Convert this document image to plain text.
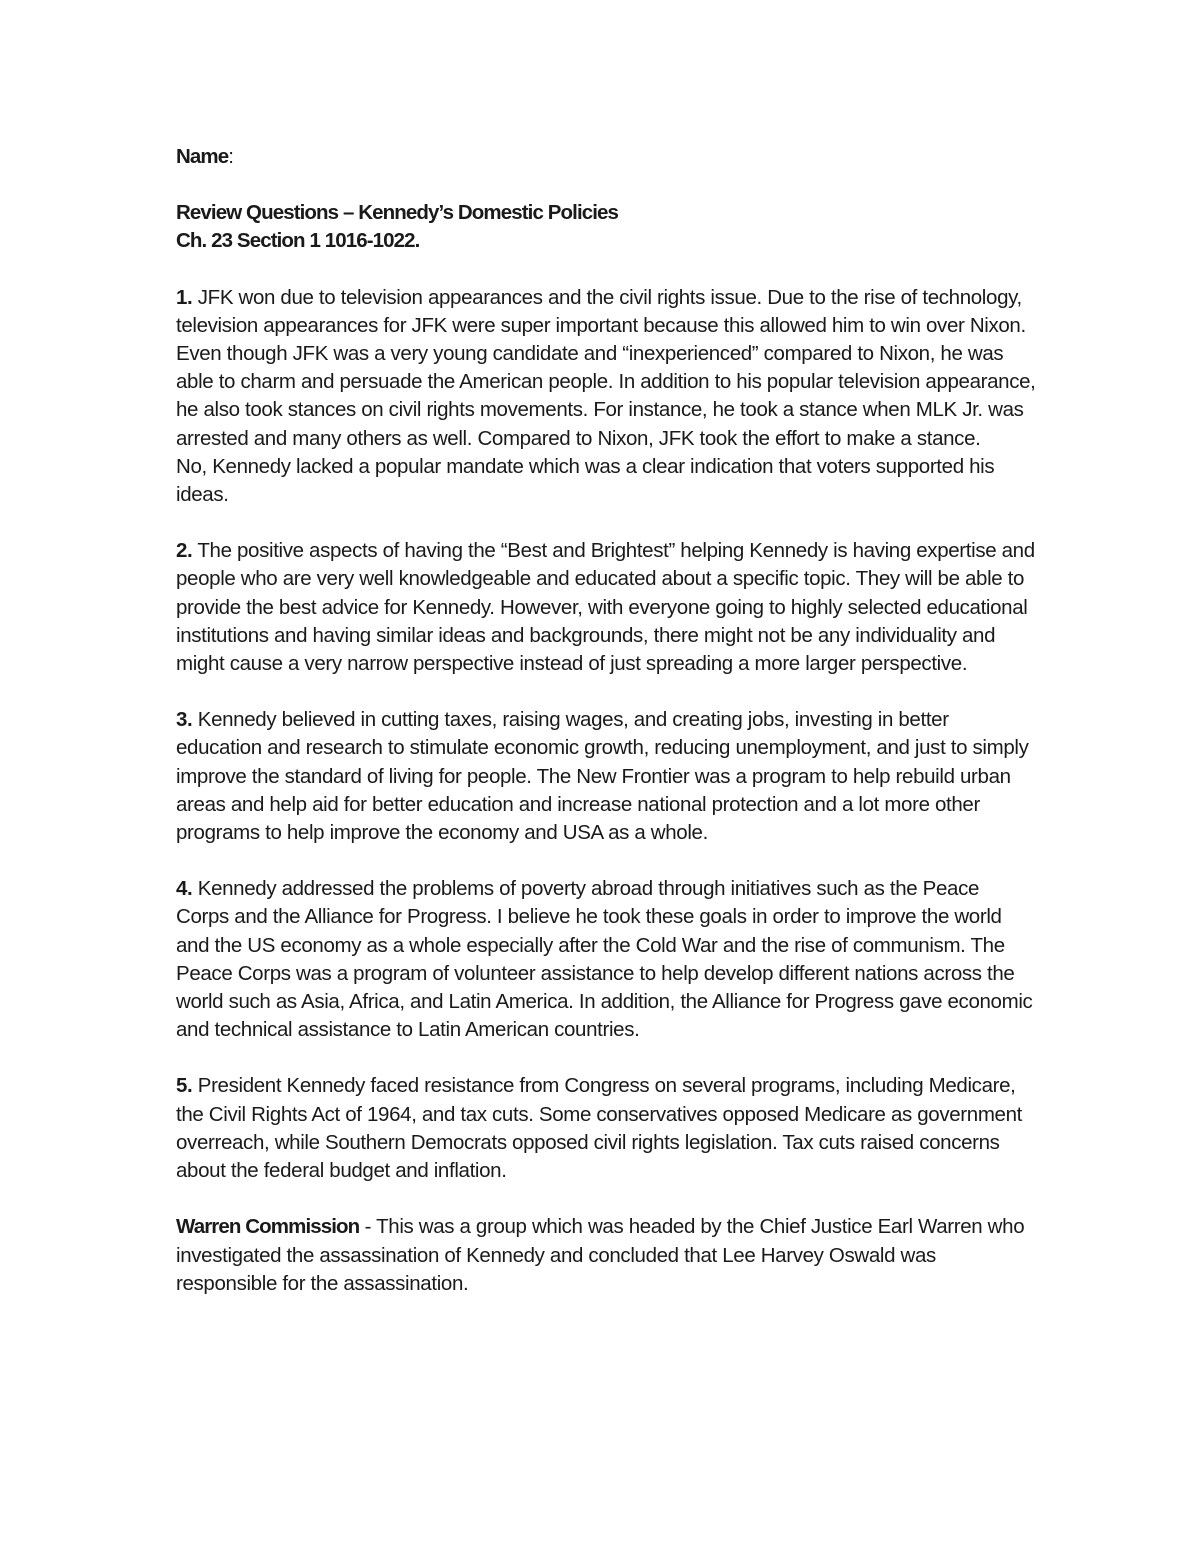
Name:
Review Questions – Kennedy’s Domestic Policies
Ch. 23 Section 1 1016-1022.
1. JFK won due to television appearances and the civil rights issue. Due to the rise of technology, television appearances for JFK were super important because this allowed him to win over Nixon. Even though JFK was a very young candidate and “inexperienced” compared to Nixon, he was able to charm and persuade the American people. In addition to his popular television appearance, he also took stances on civil rights movements. For instance, he took a stance when MLK Jr. was arrested and many others as well. Compared to Nixon, JFK took the effort to make a stance.
No, Kennedy lacked a popular mandate which was a clear indication that voters supported his ideas.
2. The positive aspects of having the “Best and Brightest” helping Kennedy is having expertise and people who are very well knowledgeable and educated about a specific topic. They will be able to provide the best advice for Kennedy. However, with everyone going to highly selected educational institutions and having similar ideas and backgrounds, there might not be any individuality and might cause a very narrow perspective instead of just spreading a more larger perspective.
3. Kennedy believed in cutting taxes, raising wages, and creating jobs, investing in better education and research to stimulate economic growth, reducing unemployment, and just to simply improve the standard of living for people. The New Frontier was a program to help rebuild urban areas and help aid for better education and increase national protection and a lot more other programs to help improve the economy and USA as a whole.
4. Kennedy addressed the problems of poverty abroad through initiatives such as the Peace Corps and the Alliance for Progress. I believe he took these goals in order to improve the world and the US economy as a whole especially after the Cold War and the rise of communism. The Peace Corps was a program of volunteer assistance to help develop different nations across the world such as Asia, Africa, and Latin America. In addition, the Alliance for Progress gave economic and technical assistance to Latin American countries.
5. President Kennedy faced resistance from Congress on several programs, including Medicare, the Civil Rights Act of 1964, and tax cuts. Some conservatives opposed Medicare as government overreach, while Southern Democrats opposed civil rights legislation. Tax cuts raised concerns about the federal budget and inflation.
Warren Commission - This was a group which was headed by the Chief Justice Earl Warren who investigated the assassination of Kennedy and concluded that Lee Harvey Oswald was responsible for the assassination.
